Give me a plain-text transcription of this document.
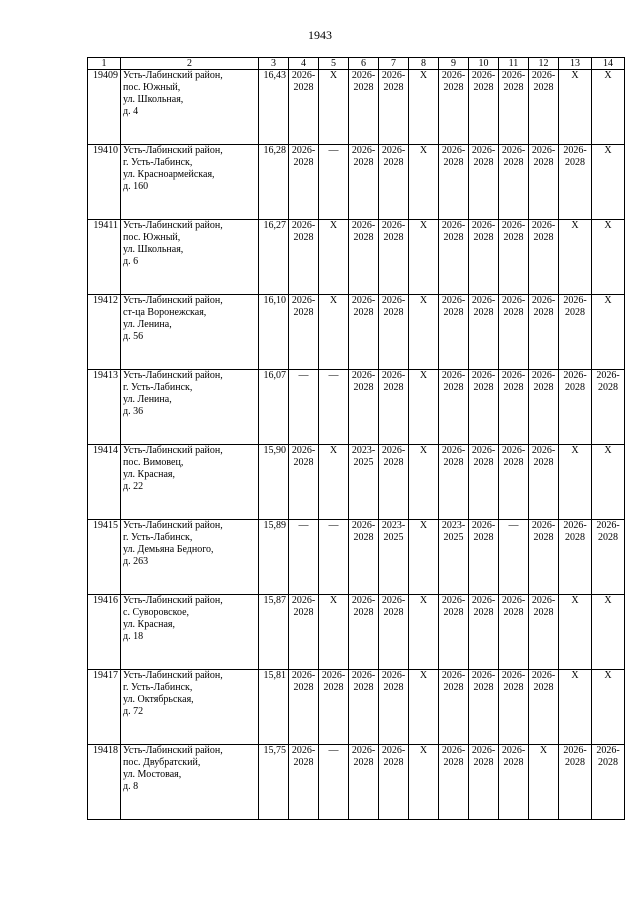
1943
1	2	3	4	5	6	7	8	9	10	11	12	13	14
19409	Усть-Лабинский район,
пос. Южный,
ул. Школьная,
д. 4	16,43	2026-
2028	Х	2026-
2028	2026-
2028	Х	2026-
2028	2026-
2028	2026-
2028	2026-
2028	Х	Х

19410	Усть-Лабинский район,
г. Усть-Лабинск,
ул. Красноармейская,
д. 160	16,28	2026-
2028	—	2026-
2028	2026-
2028	Х	2026-
2028	2026-
2028	2026-
2028	2026-
2028	2026-
2028	Х

19411	Усть-Лабинский район,
пос. Южный,
ул. Школьная,
д. 6	16,27	2026-
2028	Х	2026-
2028	2026-
2028	Х	2026-
2028	2026-
2028	2026-
2028	2026-
2028	Х	Х

19412	Усть-Лабинский район,
ст-ца Воронежская,
ул. Ленина,
д. 56	16,10	2026-
2028	Х	2026-
2028	2026-
2028	Х	2026-
2028	2026-
2028	2026-
2028	2026-
2028	2026-
2028	Х

19413	Усть-Лабинский район,
г. Усть-Лабинск,
ул. Ленина,
д. 36	16,07	—	—	2026-
2028	2026-
2028	Х	2026-
2028	2026-
2028	2026-
2028	2026-
2028	2026-
2028	2026-
2028

19414	Усть-Лабинский район,
пос. Вимовец,
ул. Красная,
д. 22	15,90	2026-
2028	Х	2023-
2025	2026-
2028	Х	2026-
2028	2026-
2028	2026-
2028	2026-
2028	Х	Х

19415	Усть-Лабинский район,
г. Усть-Лабинск,
ул. Демьяна Бедного,
д. 263	15,89	—	—	2026-
2028	2023-
2025	Х	2023-
2025	2026-
2028	—	2026-
2028	2026-
2028	2026-
2028

19416	Усть-Лабинский район,
с. Суворовское,
ул. Красная,
д. 18	15,87	2026-
2028	Х	2026-
2028	2026-
2028	Х	2026-
2028	2026-
2028	2026-
2028	2026-
2028	Х	Х

19417	Усть-Лабинский район,
г. Усть-Лабинск,
ул. Октябрьская,
д. 72	15,81	2026-
2028	2026-
2028	2026-
2028	2026-
2028	Х	2026-
2028	2026-
2028	2026-
2028	2026-
2028	Х	Х

19418	Усть-Лабинский район,
пос. Двубратский,
ул. Мостовая,
д. 8	15,75	2026-
2028	—	2026-
2028	2026-
2028	Х	2026-
2028	2026-
2028	2026-
2028	Х	2026-
2028	2026-
2028
